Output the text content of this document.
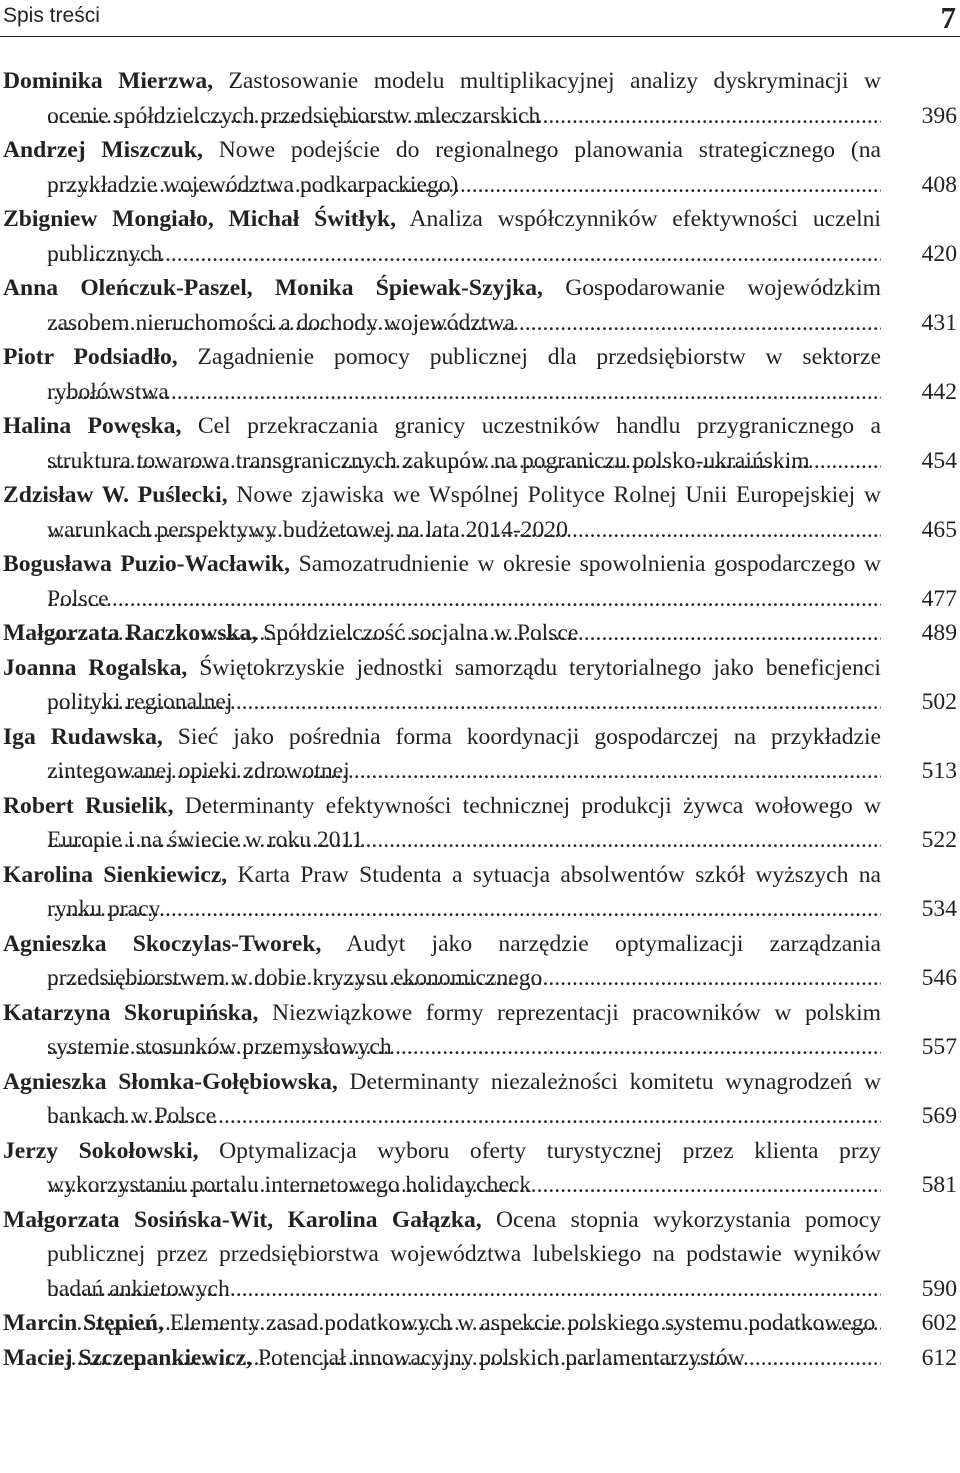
Spis treści	7
Dominika Mierzwa, Zastosowanie modelu multiplikacyjnej analizy dyskryminacji w ocenie spółdzielczych przedsiębiorstw mleczarskich .....	396
Andrzej Miszczuk, Nowe podejście do regionalnego planowania strategicznego (na przykładzie województwa podkarpackiego) .....	408
Zbigniew Mongiało, Michał Świtłyk, Analiza współczynników efektywności uczelni publicznych .....	420
Anna Oleńczuk-Paszel, Monika Śpiewak-Szyjka, Gospodarowanie wojewódzkim zasobem nieruchomości a dochody województwa .....	431
Piotr Podsiadło, Zagadnienie pomocy publicznej dla przedsiębiorstw w sektorze rybołówstwa .....	442
Halina Powęska, Cel przekraczania granicy uczestników handlu przygranicznego a struktura towarowa transgranicznych zakupów na pograniczu polsko-ukraińskim .....	454
Zdzisław W. Puślecki, Nowe zjawiska we Wspólnej Polityce Rolnej Unii Europejskiej w warunkach perspektywy budżetowej na lata 2014-2020 .....	465
Bogusława Puzio-Wacławik, Samozatrudnienie w okresie spowolnienia gospodarczego w Polsce .....	477
Małgorzata Raczkowska, Spółdzielczość socjalna w Polsce .....	489
Joanna Rogalska, Świętokrzyskie jednostki samorządu terytorialnego jako beneficjenci polityki regionalnej .....	502
Iga Rudawska, Sieć jako pośrednia forma koordynacji gospodarczej na przykładzie zintegowanej opieki zdrowotnej .....	513
Robert Rusielik, Determinanty efektywności technicznej produkcji żywca wołowego w Europie i na świecie w roku 2011 .....	522
Karolina Sienkiewicz, Karta Praw Studenta a sytuacja absolwentów szkół wyższych na rynku pracy .....	534
Agnieszka Skoczylas-Tworek, Audyt jako narzędzie optymalizacji zarządzania przedsiębiorstwem w dobie kryzysu ekonomicznego .....	546
Katarzyna Skorupińska, Niezwiązkowe formy reprezentacji pracowników w polskim systemie stosunków przemysłowych .....	557
Agnieszka Słomka-Gołębiowska, Determinanty niezależności komitetu wynagrodzeń w bankach w Polsce .....	569
Jerzy Sokołowski, Optymalizacja wyboru oferty turystycznej przez klienta przy wykorzystaniu portalu internetowego holidaycheck .....	581
Małgorzata Sosińska-Wit, Karolina Gałązka, Ocena stopnia wykorzystania pomocy publicznej przez przedsiębiorstwa województwa lubelskiego na podstawie wyników badań ankietowych .....	590
Marcin Stępień, Elementy zasad podatkowych w aspekcie polskiego systemu podatkowego .....	602
Maciej Szczepankiewicz, Potencjał innowacyjny polskich parlamentarzystów .....	612
